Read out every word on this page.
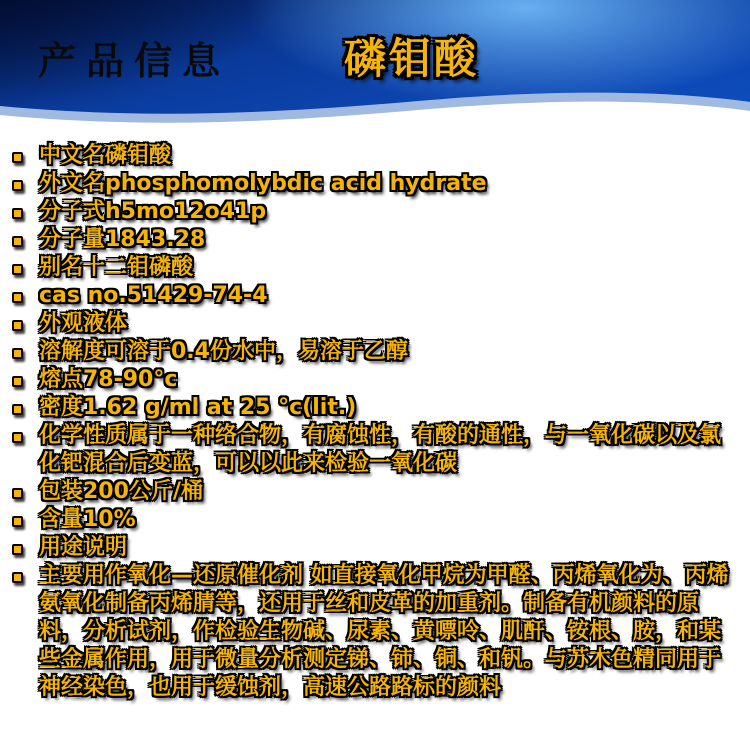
产品信息	磷钼酸
中文名磷钼酸
外文名phosphomolybdic acid hydrate
分子式h5mo12o41p
分子量1843.28
别名十二钼磷酸
cas no.51429-74-4
外观液体
溶解度可溶于0.4份水中，易溶于乙醇
熔点78-90°c
密度1.62 g/ml at 25 °c(lit.)
化学性质属于一种络合物，有腐蚀性，有酸的通性，与一氧化碳以及氯化钯混合后变蓝，可以以此来检验一氧化碳
包装200公斤/桶
含量10%
用途说明
主要用作氧化—还原催化剂 如直接氧化甲烷为甲醛、丙烯氧化为、丙烯氨氧化制备丙烯腈等，还用于丝和皮革的加重剂。制备有机颜料的原料，分析试剂，作检验生物碱、尿素、黄嘌呤、肌酐、铵根、胺，和某些金属作用，用于微量分析测定锑、铈、铜、和钒。与苏木色精同用于神经染色，也用于缓蚀剂，高速公路路标的颜料
